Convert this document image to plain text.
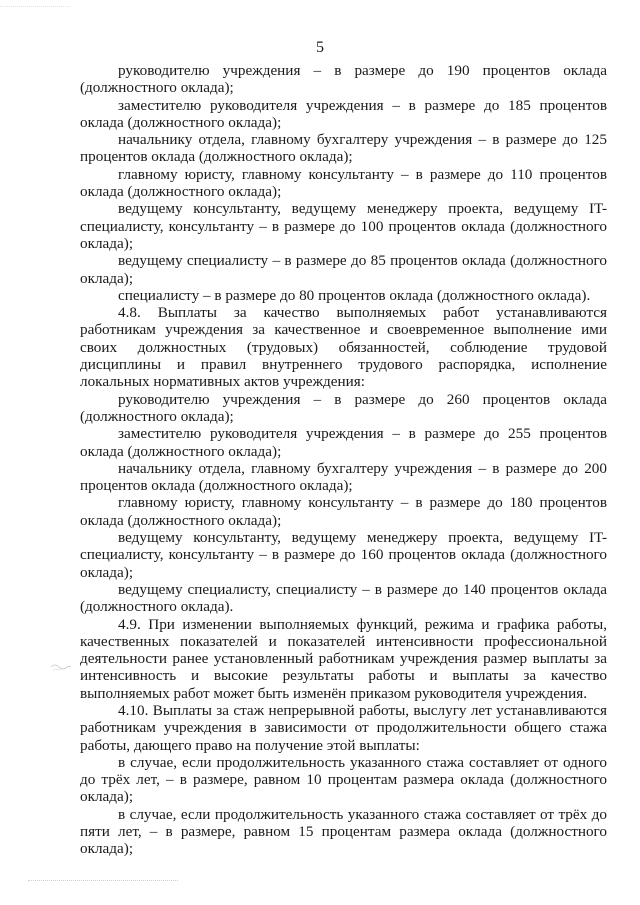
5

руководителю учреждения – в размере до 190 процентов оклада (должностного оклада);

заместителю руководителя учреждения – в размере до 185 процентов оклада (должностного оклада);

начальнику отдела, главному бухгалтеру учреждения – в размере до 125 процентов оклада (должностного оклада);

главному юристу, главному консультанту – в размере до 110 процентов оклада (должностного оклада);

ведущему консультанту, ведущему менеджеру проекта, ведущему IT-специалисту, консультанту – в размере до 100 процентов оклада (должностного оклада);

ведущему специалисту – в размере до 85 процентов оклада (должностного оклада);

специалисту – в размере до 80 процентов оклада (должностного оклада).

4.8. Выплаты за качество выполняемых работ устанавливаются работникам учреждения за качественное и своевременное выполнение ими своих должностных (трудовых) обязанностей, соблюдение трудовой дисциплины и правил внутреннего трудового распорядка, исполнение локальных нормативных актов учреждения:

руководителю учреждения – в размере до 260 процентов оклада (должностного оклада);

заместителю руководителя учреждения – в размере до 255 процентов оклада (должностного оклада);

начальнику отдела, главному бухгалтеру учреждения – в размере до 200 процентов оклада (должностного оклада);

главному юристу, главному консультанту – в размере до 180 процентов оклада (должностного оклада);

ведущему консультанту, ведущему менеджеру проекта, ведущему IT-специалисту, консультанту – в размере до 160 процентов оклада (должностного оклада);

ведущему специалисту, специалисту – в размере до 140 процентов оклада (должностного оклада).

4.9. При изменении выполняемых функций, режима и графика работы, качественных показателей и показателей интенсивности профессиональной деятельности ранее установленный работникам учреждения размер выплаты за интенсивность и высокие результаты работы и выплаты за качество выполняемых работ может быть изменён приказом руководителя учреждения.

4.10. Выплаты за стаж непрерывной работы, выслугу лет устанавливаются работникам учреждения в зависимости от продолжительности общего стажа работы, дающего право на получение этой выплаты:

в случае, если продолжительность указанного стажа составляет от одного до трёх лет, – в размере, равном 10 процентам размера оклада (должностного оклада);

в случае, если продолжительность указанного стажа составляет от трёх до пяти лет, – в размере, равном 15 процентам размера оклада (должностного оклада);
